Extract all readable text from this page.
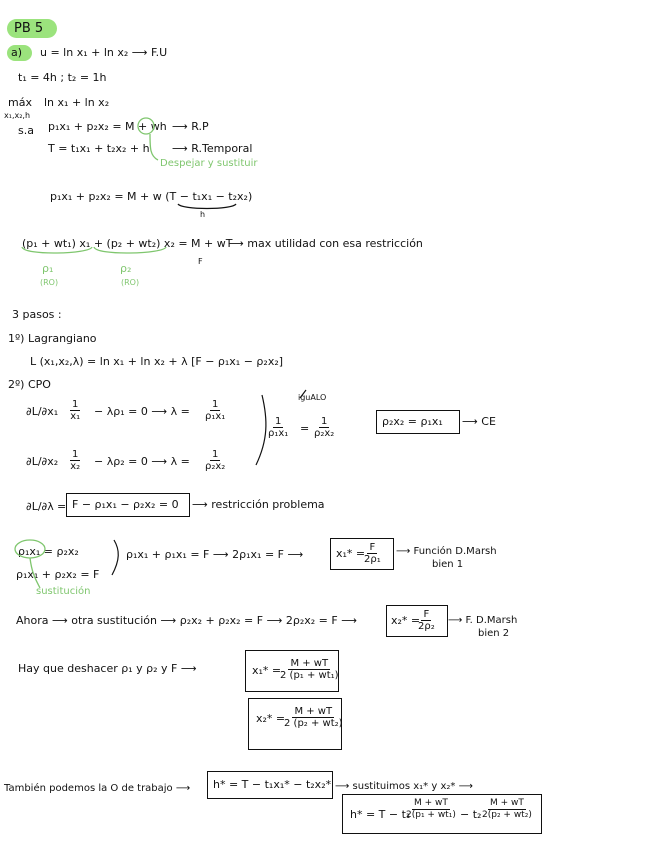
PB 5
a) u = ln x₁ + ln x₂ ⟶ F.U
t₁ = 4h ; t₂ = 1h
máx
x₁,x₂,h
ln x₁ + ln x₂
s.a p₁x₁ + p₂x₂ = M + wh ⟶ R.P
T = t₁x₁ + t₂x₂ + h ⟶ R.Temporal
Despejar y sustituir
p₁x₁ + p₂x₂ = M + w (T − t₁x₁ − t₂x₂)
h
(p₁ + wt₁) x₁ + (p₂ + wt₂) x₂ = M + wT
F
⟶ max utilidad con esa restricción
ρ₁
(RO)
ρ₂
(RO)
3 pasos :
1º) Lagrangiano
L (x₁,x₂,λ) = ln x₁ + ln x₂ + λ [F − ρ₁x₁ − ρ₂x₂]
2º) CPO
$\partial L/\partial x_1 \frac{1}{\text{x₁}} - \lambda\rho_1 = 0$ ⟶ $\lambda = \frac{1}{\text{ρ₁x₁}}$
$\partial L/\partial x_2 \frac{1}{\text{x₂}} - \lambda\rho_2 = 0$ ⟶ $\lambda = \frac{1}{\text{ρ₂x₂}}$
iguALO
$\frac{1}{\text{ρ₁x₁}} = \frac{1}{\text{ρ₂x₂}}$	ρ₂x₂ = ρ₁x₁ ⟶ CE
∂L/∂λ = F − ρ₁x₁ − ρ₂x₂ = 0 ⟶ restricción problema
ρ₁x₁ = ρ₂x₂
ρ₁x₁ + ρ₂x₂ = F
sustitución
ρ₁x₁ + ρ₁x₁ = F ⟶ 2ρ₁x₁ = F ⟶	x₁* =
$\frac{F}{\text{2ρ₁}}$ ⟶ Función D.Marsh
bien 1
Ahora ⟶ otra sustitución ⟶ ρ₂x₂ + ρ₂x₂ = F ⟶ 2ρ₂x₂ = F ⟶	x₂* =
$\frac{F}{\text{2ρ₂}}$ ⟶ F. D.Marsh
bien 2
Hay que deshacer ρ₁ y ρ₂ y F ⟶	x₁* =
$\frac{M + wT}{\text{2 (p₁ + wt₁)}}$
x₂* =
$\frac{M + wT}{\text{2 (p₂ + wt₂)}}$
También podemos la O de trabajo ⟶ h* = T − t₁x₁* − t₂x₂* ⟶ sustituimos x₁* y x₂* ⟶
h* = T − t₁
$\frac{M + wT}{\text{2(p₁ + wt₁)}} - t_2 \frac{M + wT}{\text{2(p₂ + wt₂)}}$
